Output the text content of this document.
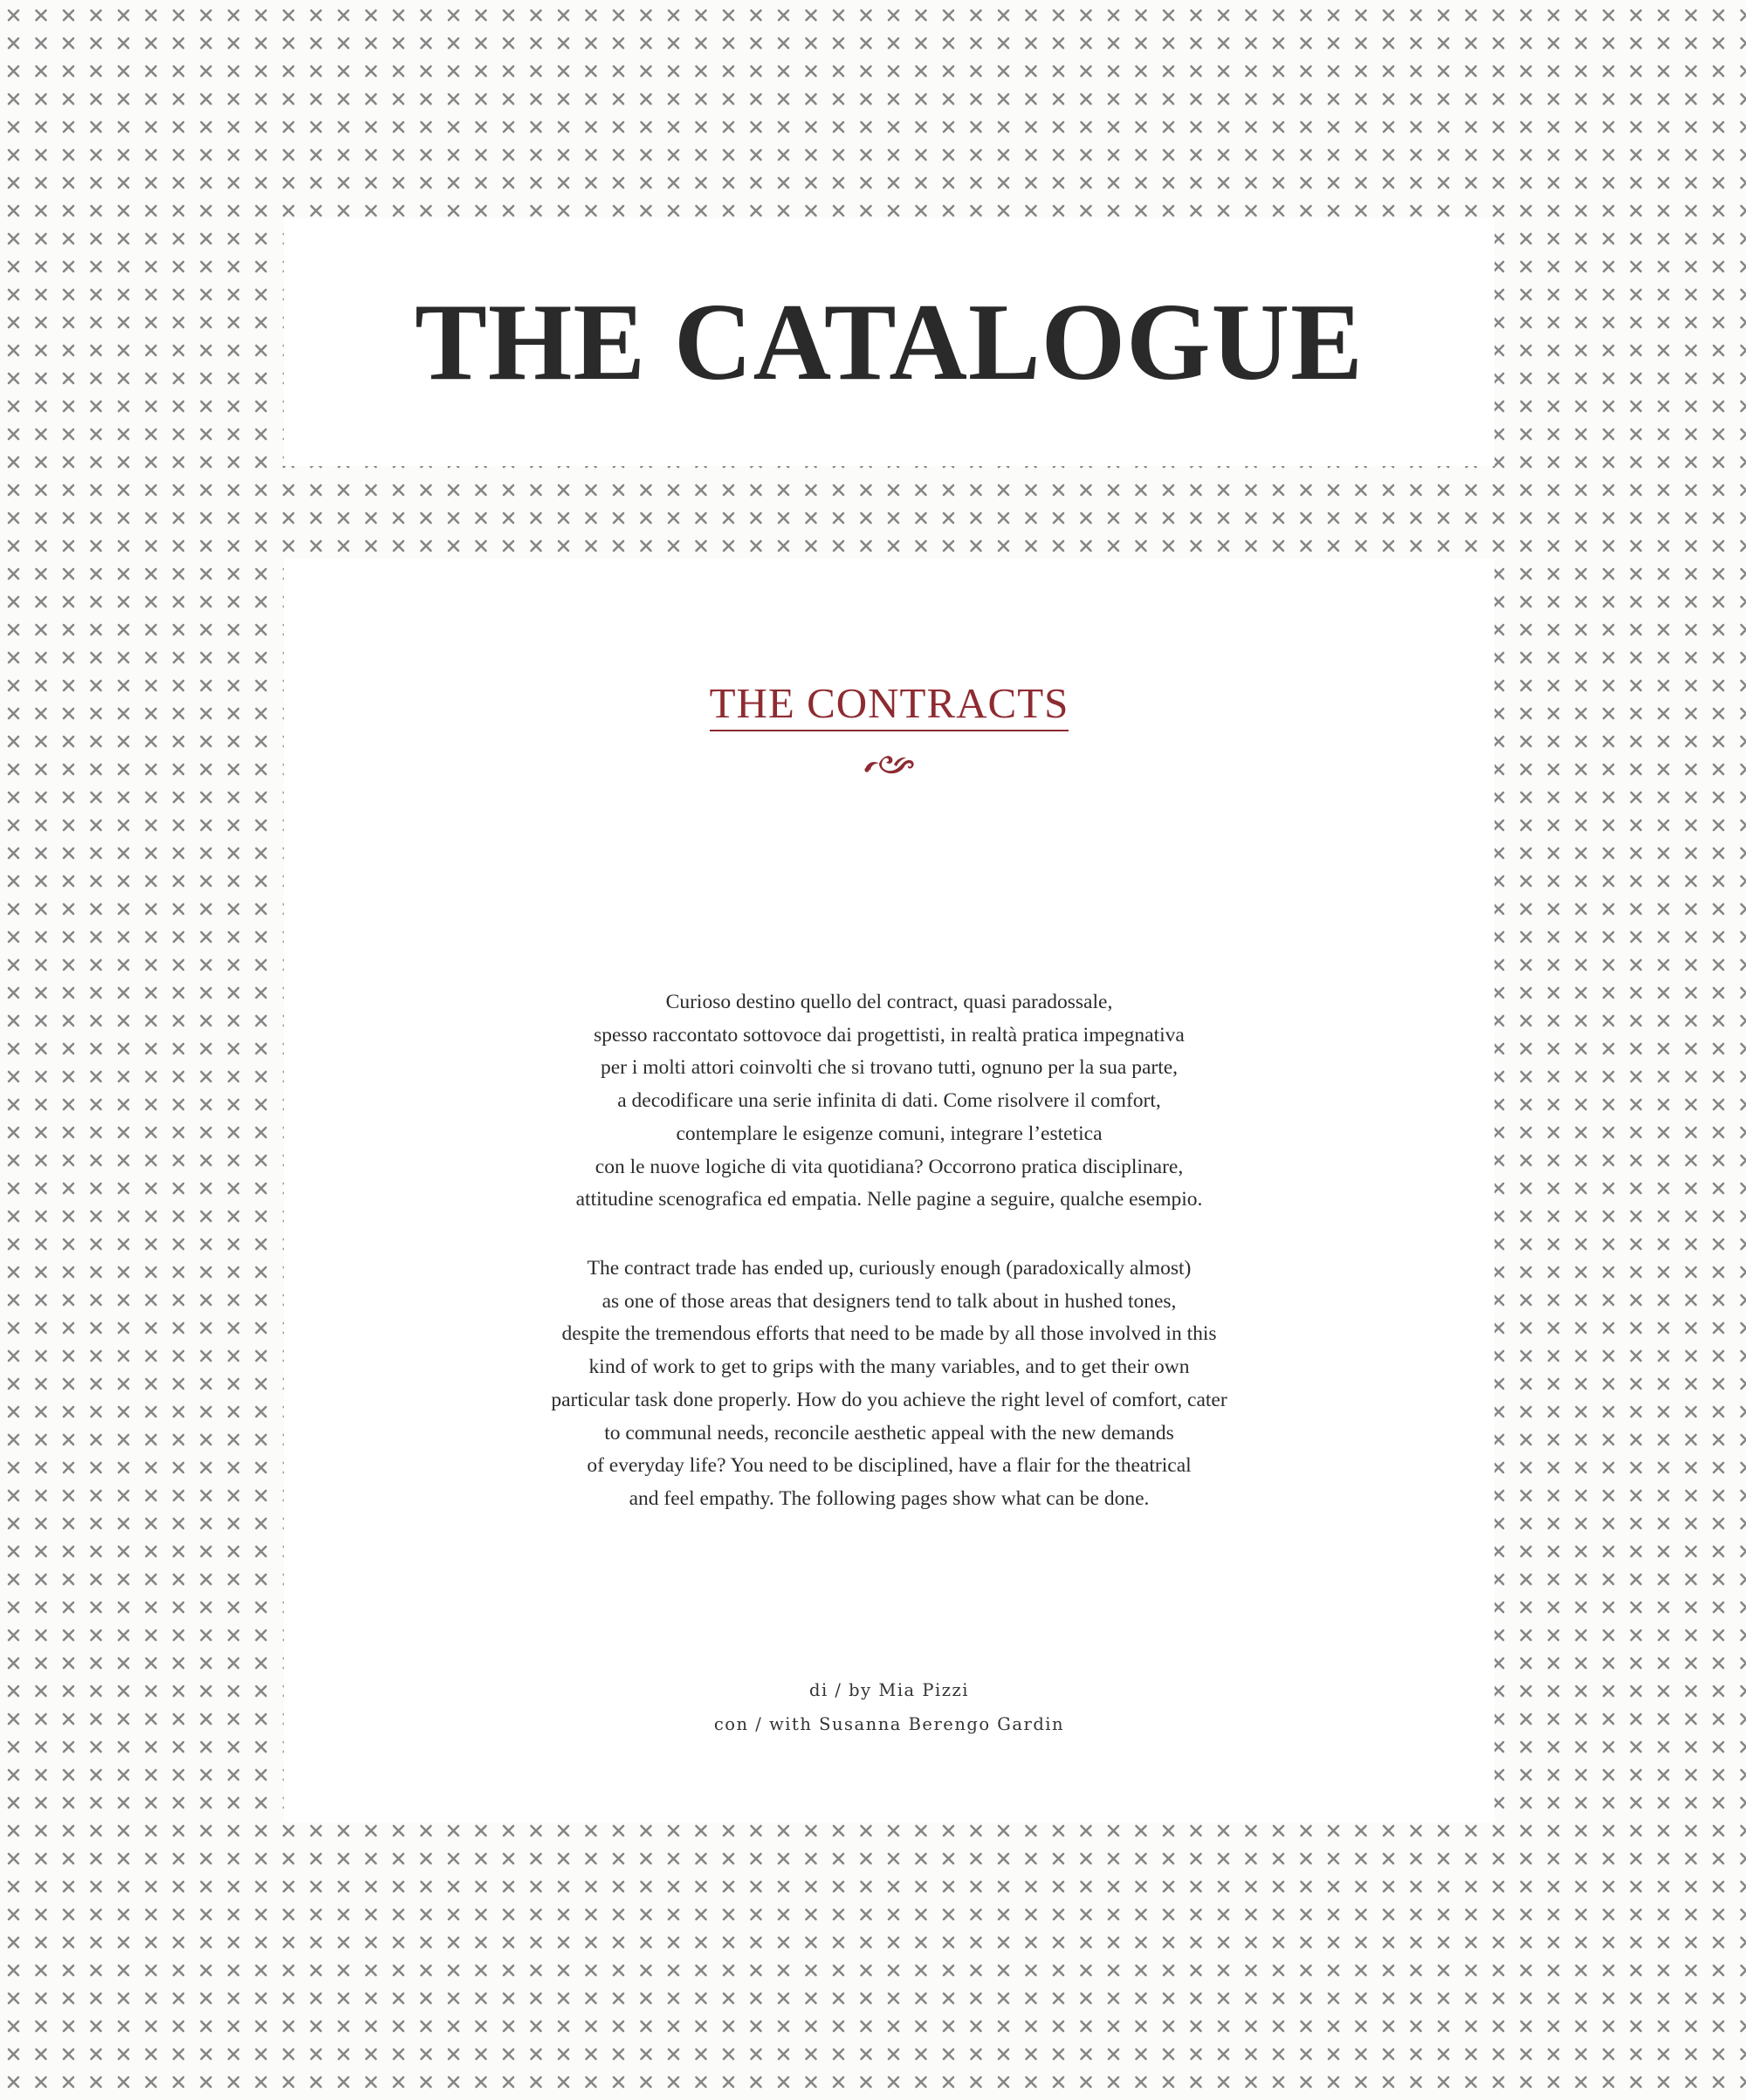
THE CATALOGUE
THE CONTRACTS
Curioso destino quello del contract, quasi paradossale,
spesso raccontato sottovoce dai progettisti, in realtà pratica impegnativa
per i molti attori coinvolti che si trovano tutti, ognuno per la sua parte,
a decodificare una serie infinita di dati. Come risolvere il comfort,
contemplare le esigenze comuni, integrare l’estetica
con le nuove logiche di vita quotidiana? Occorrono pratica disciplinare,
attitudine scenografica ed empatia. Nelle pagine a seguire, qualche esempio.
The contract trade has ended up, curiously enough (paradoxically almost)
as one of those areas that designers tend to talk about in hushed tones,
despite the tremendous efforts that need to be made by all those involved in this
kind of work to get to grips with the many variables, and to get their own
particular task done properly. How do you achieve the right level of comfort, cater
to communal needs, reconcile aesthetic appeal with the new demands
of everyday life? You need to be disciplined, have a flair for the theatrical
and feel empathy. The following pages show what can be done.
di / by Mia Pizzi
con / with Susanna Berengo Gardin
